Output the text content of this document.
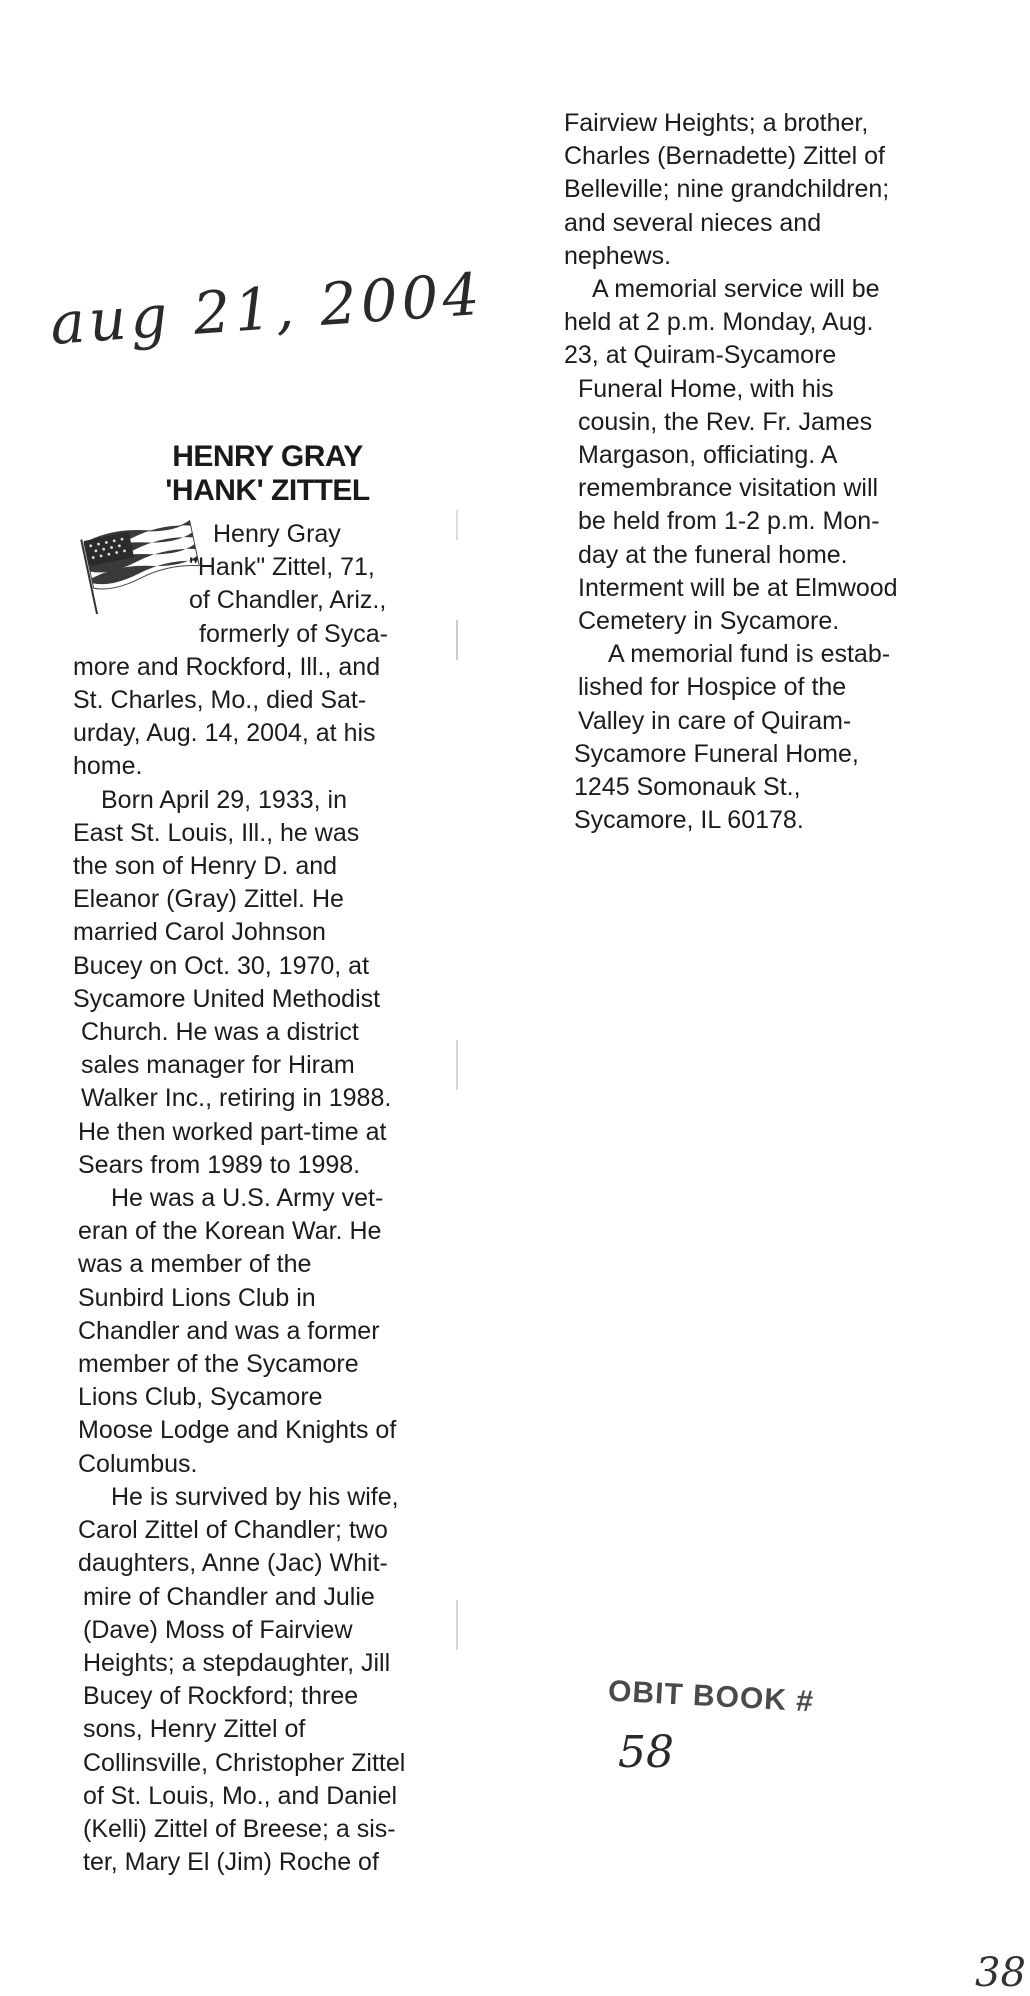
aug 21, 2004
HENRY GRAY
'HANK' ZITTEL
Henry Gray
"Hank" Zittel, 71,
of Chandler, Ariz.,
formerly of Syca-
more and Rockford, Ill., and
St. Charles, Mo., died Sat-
urday, Aug. 14, 2004, at his
home.
Born April 29, 1933, in
East St. Louis, Ill., he was
the son of Henry D. and
Eleanor (Gray) Zittel. He
married Carol Johnson
Bucey on Oct. 30, 1970, at
Sycamore United Methodist
Church. He was a district
sales manager for Hiram
Walker Inc., retiring in 1988.
He then worked part-time at
Sears from 1989 to 1998.
He was a U.S. Army vet-
eran of the Korean War. He
was a member of the
Sunbird Lions Club in
Chandler and was a former
member of the Sycamore
Lions Club, Sycamore
Moose Lodge and Knights of
Columbus.
He is survived by his wife,
Carol Zittel of Chandler; two
daughters, Anne (Jac) Whit-
mire of Chandler and Julie
(Dave) Moss of Fairview
Heights; a stepdaughter, Jill
Bucey of Rockford; three
sons, Henry Zittel of
Collinsville, Christopher Zittel
of St. Louis, Mo., and Daniel
(Kelli) Zittel of Breese; a sis-
ter, Mary El (Jim) Roche of
Fairview Heights; a brother,
Charles (Bernadette) Zittel of
Belleville; nine grandchildren;
and several nieces and
nephews.
A memorial service will be
held at 2 p.m. Monday, Aug.
23, at Quiram-Sycamore
Funeral Home, with his
cousin, the Rev. Fr. James
Margason, officiating. A
remembrance visitation will
be held from 1-2 p.m. Mon-
day at the funeral home.
Interment will be at Elmwood
Cemetery in Sycamore.
A memorial fund is estab-
lished for Hospice of the
Valley in care of Quiram-
Sycamore Funeral Home,
1245 Somonauk St.,
Sycamore, IL 60178.
OBIT BOOK #
58
38
